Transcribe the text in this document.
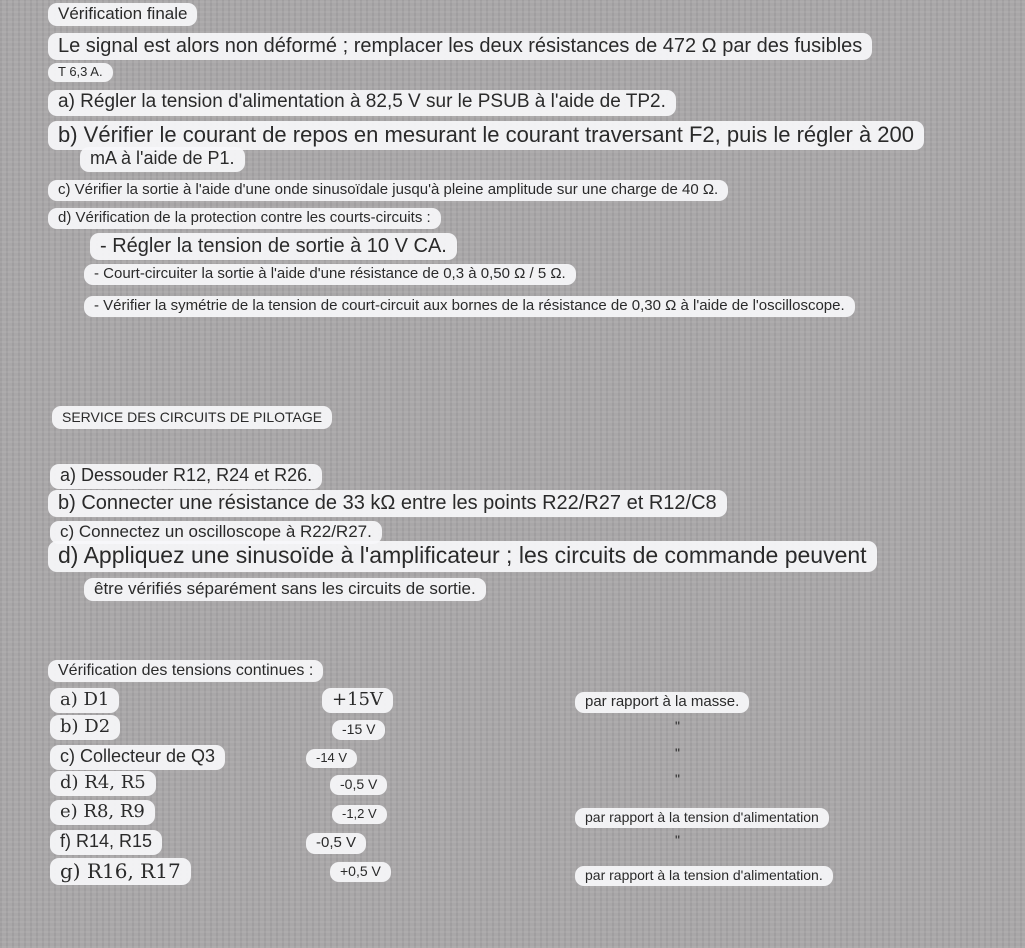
Vérification finale
Le signal est alors non déformé ; remplacer les deux résistances de 472 Ω par des fusibles
T 6,3 A.
a) Régler la tension d'alimentation à 82,5 V sur le PSUB à l'aide de TP2.
b) Vérifier le courant de repos en mesurant le courant traversant F2, puis le régler à 200
mA à l'aide de P1.
c) Vérifier la sortie à l'aide d'une onde sinusoïdale jusqu'à pleine amplitude sur une charge de 40 Ω.
d) Vérification de la protection contre les courts-circuits :
- Régler la tension de sortie à 10 V CA.
- Court-circuiter la sortie à l'aide d'une résistance de 0,3 à 0,50 Ω / 5 Ω.
- Vérifier la symétrie de la tension de court-circuit aux bornes de la résistance de 0,30 Ω à l'aide de l'oscilloscope.
SERVICE DES CIRCUITS DE PILOTAGE
a) Dessouder R12, R24 et R26.
b) Connecter une résistance de 33 kΩ entre les points R22/R27 et R12/C8
c) Connectez un oscilloscope à R22/R27.
d) Appliquez une sinusoïde à l'amplificateur ; les circuits de commande peuvent
être vérifiés séparément sans les circuits de sortie.
Vérification des tensions continues :
a) D1	+15V	par rapport à la masse.
b) D2	-15 V	"
c) Collecteur de Q3	-14 V	"
d) R4, R5	-0,5 V	"
e) R8, R9	-1,2 V	par rapport à la tension d'alimentation
f) R14, R15	-0,5 V	"
g) R16, R17	+0,5 V	par rapport à la tension d'alimentation.
